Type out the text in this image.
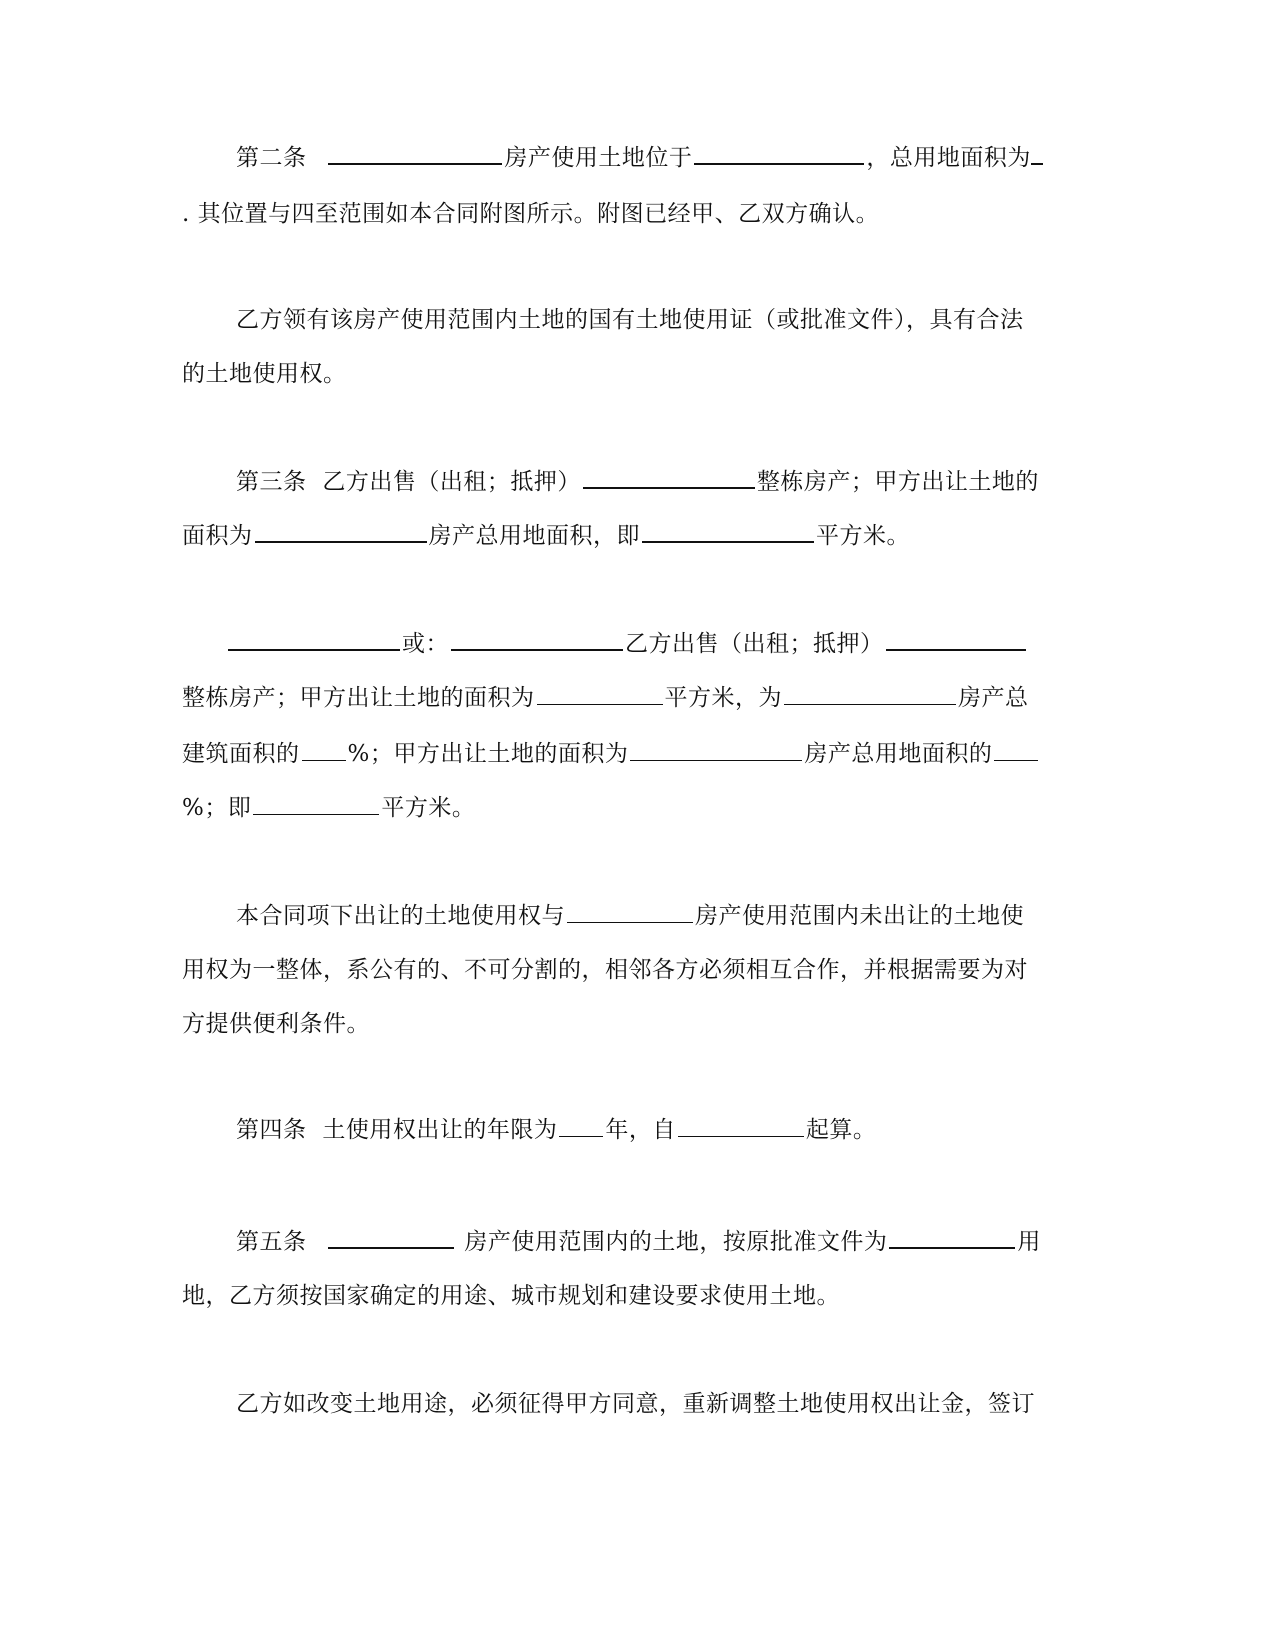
第二条	房产使用土地位于	，总用地面积为
. 其位置与四至范围如本合同附图所示。附图已经甲、乙双方确认。
乙方领有该房产使用范围内土地的国有土地使用证（或批准文件），具有合法
的土地使用权。
第三条 乙方出售（出租；抵押）	整栋房产；甲方出让土地的
面积为	房产总用地面积，即	平方米。
或：	乙方出售（出租；抵押）
整栋房产；甲方出让土地的面积为	平方米，为	房产总
建筑面积的 %；甲方出让土地的面积为	房产总用地面积的
%；即	平方米。
本合同项下出让的土地使用权与	房产使用范围内未出让的土地使
用权为一整体，系公有的、不可分割的，相邻各方必须相互合作，并根据需要为对
方提供便利条件。
第四条 土使用权出让的年限为 年，自	起算。
第五条	房产使用范围内的土地，按原批准文件为	用
地，乙方须按国家确定的用途、城市规划和建设要求使用土地。
乙方如改变土地用途，必须征得甲方同意，重新调整土地使用权出让金，签订
